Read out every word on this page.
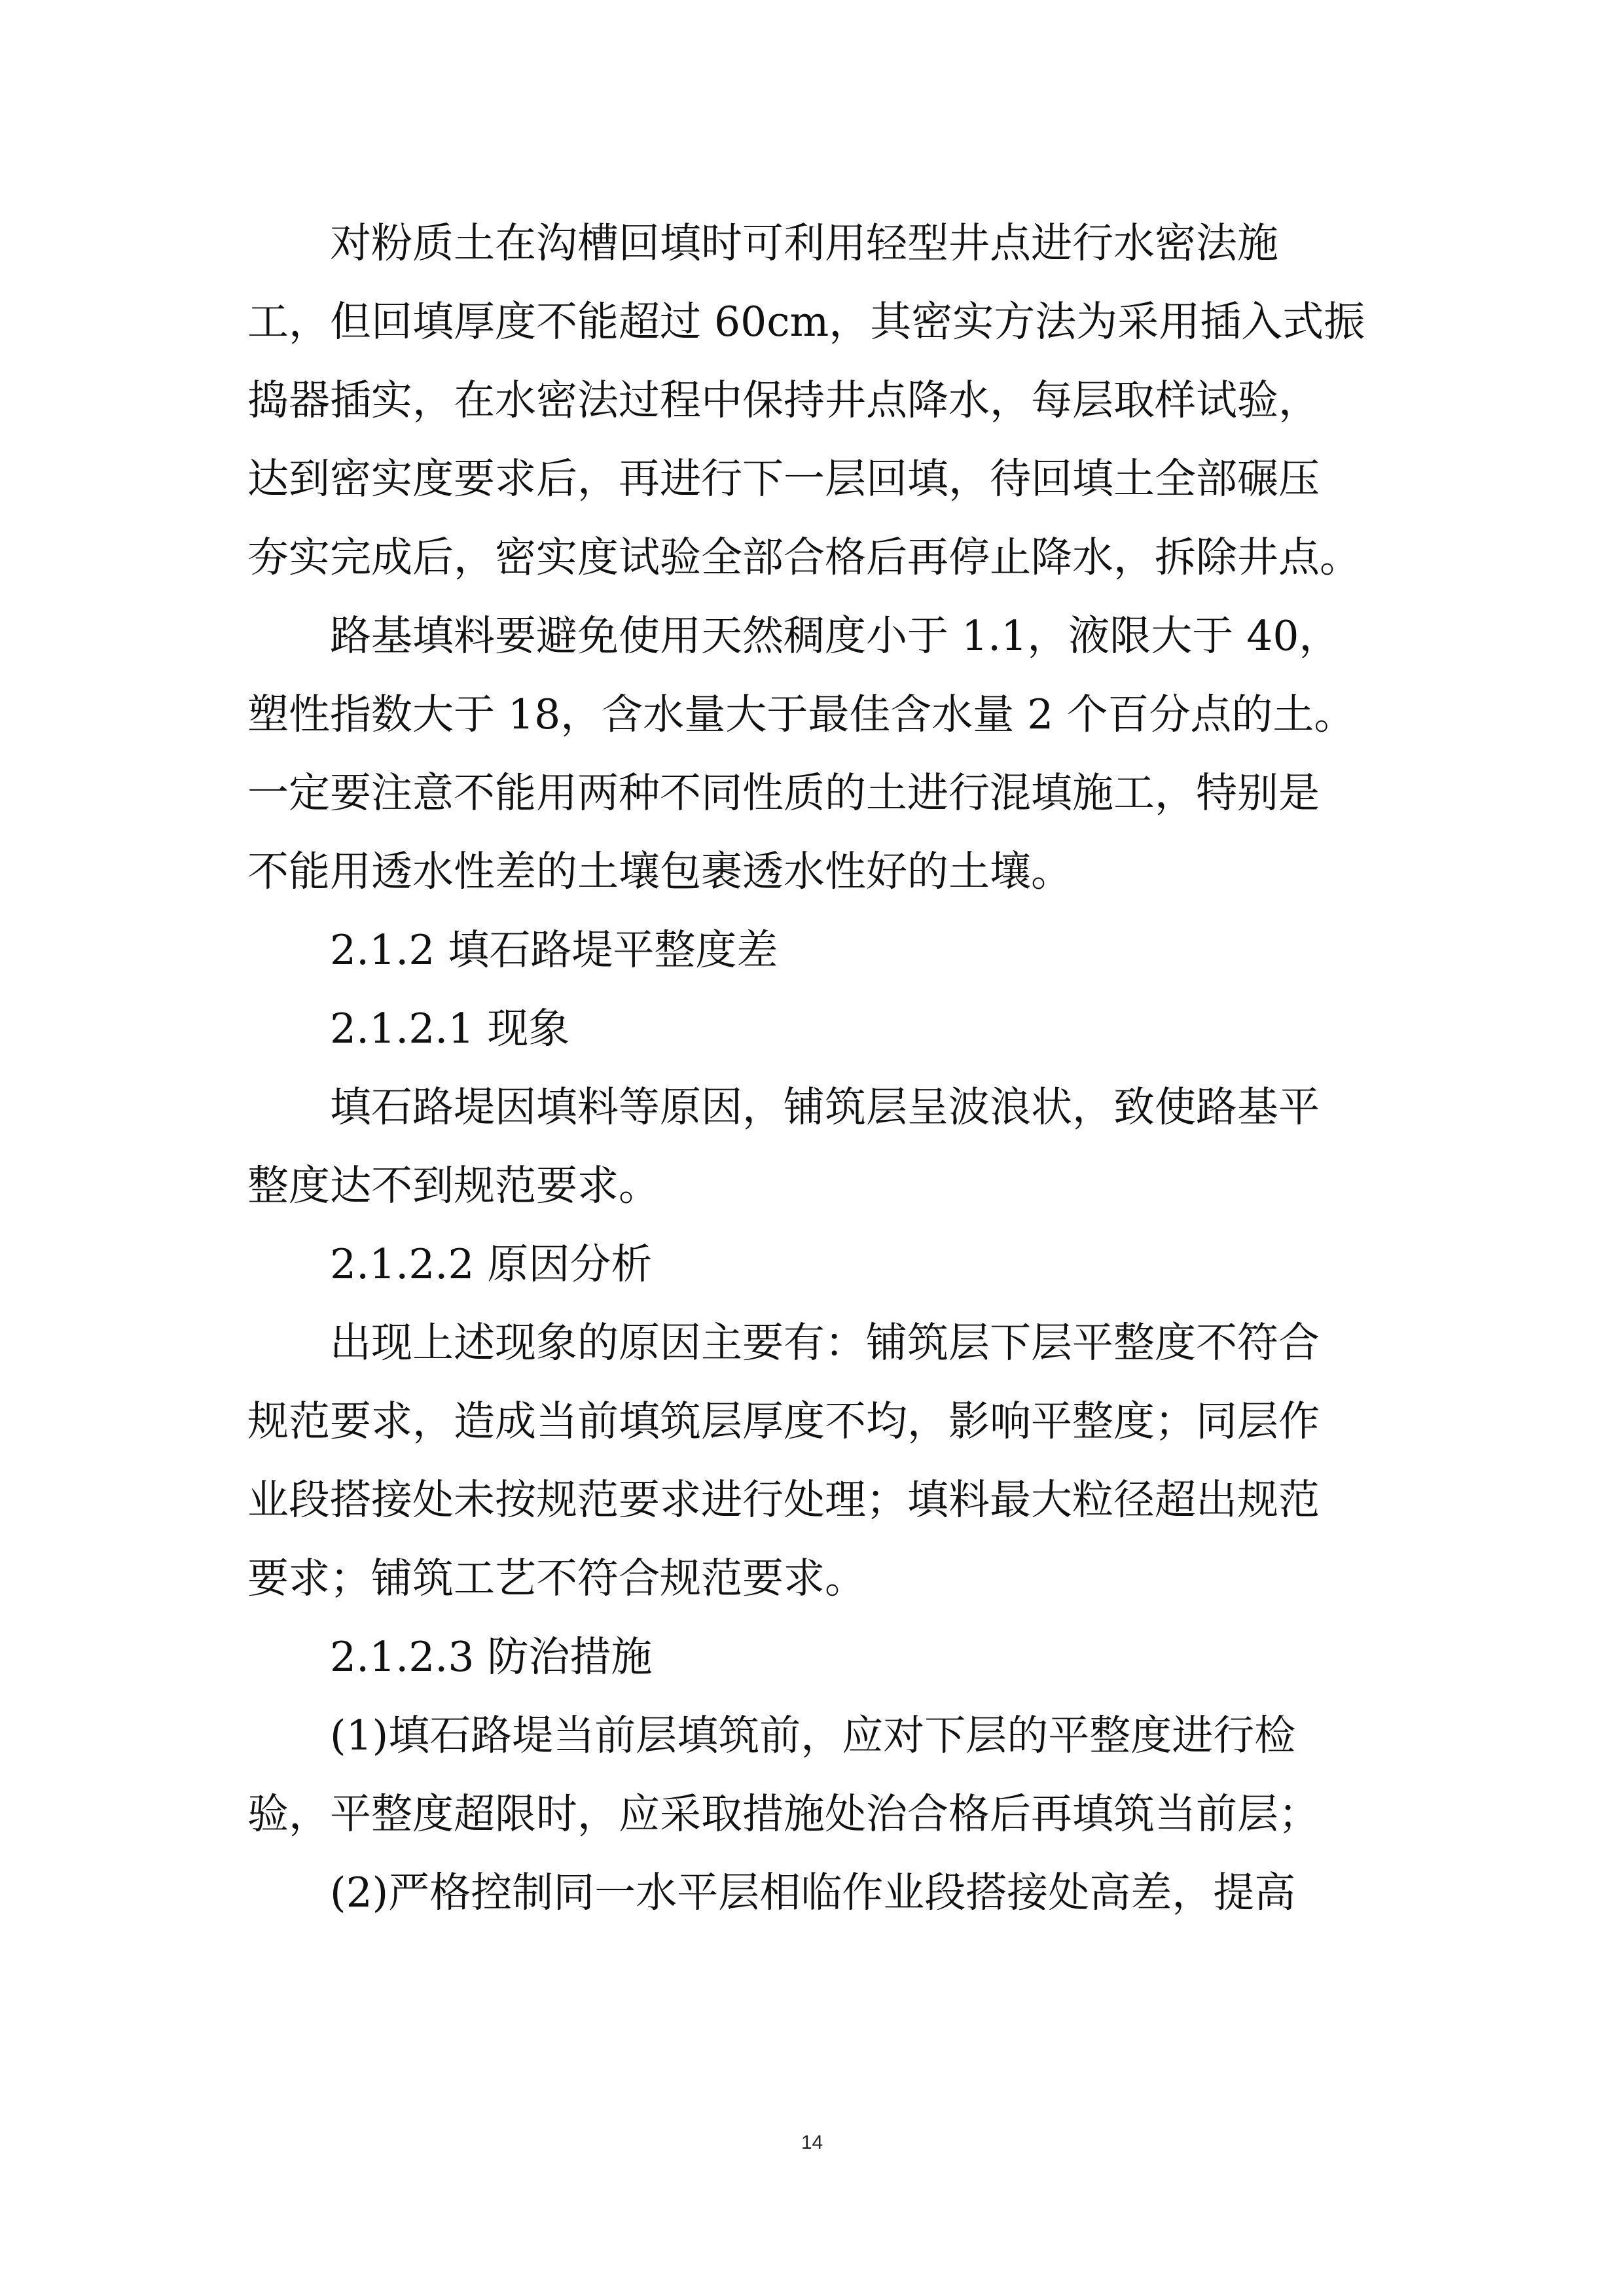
对粉质土在沟槽回填时可利用轻型井点进行水密法施
工，但回填厚度不能超过 60cm，其密实方法为采用插入式振
捣器插实，在水密法过程中保持井点降水，每层取样试验，
达到密实度要求后，再进行下一层回填，待回填土全部碾压
夯实完成后，密实度试验全部合格后再停止降水，拆除井点。
路基填料要避免使用天然稠度小于 1.1，液限大于 40，
塑性指数大于 18，含水量大于最佳含水量 2 个百分点的土。
一定要注意不能用两种不同性质的土进行混填施工，特别是
不能用透水性差的土壤包裹透水性好的土壤。
2.1.2 填石路堤平整度差
2.1.2.1 现象
填石路堤因填料等原因，铺筑层呈波浪状，致使路基平
整度达不到规范要求。
2.1.2.2 原因分析
出现上述现象的原因主要有：铺筑层下层平整度不符合
规范要求，造成当前填筑层厚度不均，影响平整度；同层作
业段搭接处未按规范要求进行处理；填料最大粒径超出规范
要求；铺筑工艺不符合规范要求。
2.1.2.3 防治措施
(1)填石路堤当前层填筑前，应对下层的平整度进行检
验，平整度超限时，应采取措施处治合格后再填筑当前层；
(2)严格控制同一水平层相临作业段搭接处高差，提高
14
